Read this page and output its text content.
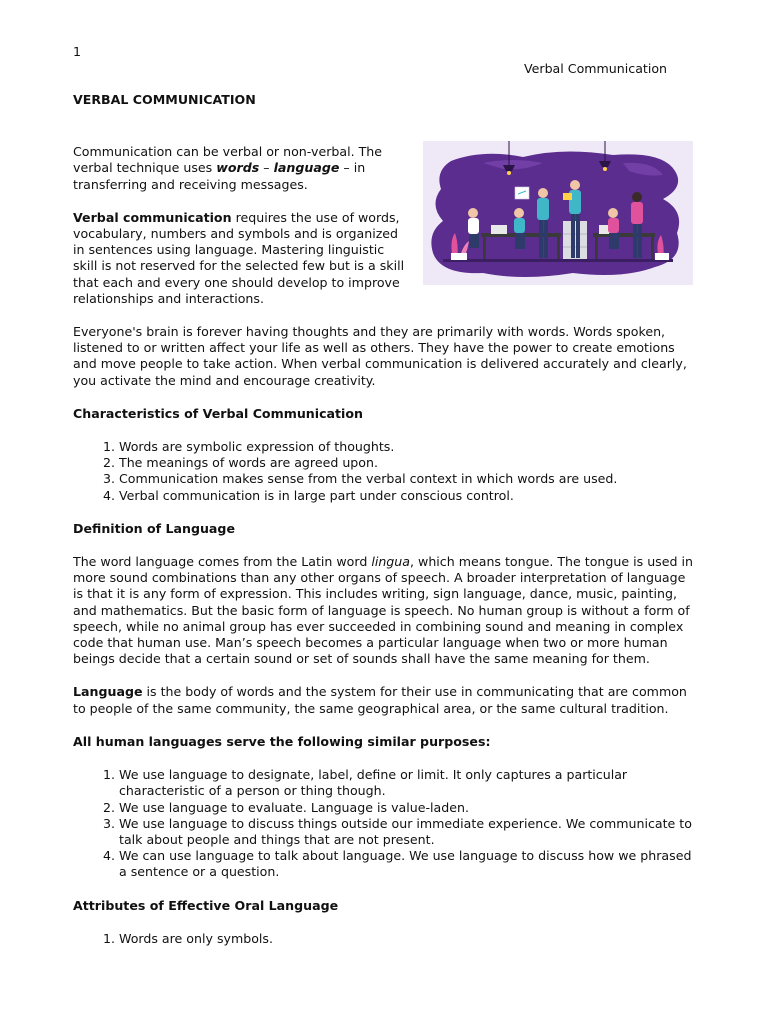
1
Verbal Communication
VERBAL COMMUNICATION

Communication can be verbal or non-verbal. The verbal technique uses words – language – in transferring and receiving messages.

Verbal communication requires the use of words, vocabulary, numbers and symbols and is organized in sentences using language. Mastering linguistic skill is not reserved for the selected few but is a skill that each and every one should develop to improve relationships and interactions.

Everyone's brain is forever having thoughts and they are primarily with words. Words spoken, listened to or written affect your life as well as others. They have the power to create emotions and move people to take action. When verbal communication is delivered accurately and clearly, you activate the mind and encourage creativity.

Characteristics of Verbal Communication
1. Words are symbolic expression of thoughts.
2. The meanings of words are agreed upon.
3. Communication makes sense from the verbal context in which words are used.
4. Verbal communication is in large part under conscious control.
Definition of Language

The word language comes from the Latin word lingua, which means tongue. The tongue is used in more sound combinations than any other organs of speech. A broader interpretation of language is that it is any form of expression. This includes writing, sign language, dance, music, painting, and mathematics. But the basic form of language is speech. No human group is without a form of speech, while no animal group has ever succeeded in combining sound and meaning in complex code that human use. Man’s speech becomes a particular language when two or more human beings decide that a certain sound or set of sounds shall have the same meaning for them.

Language is the body of words and the system for their use in communicating that are common to people of the same community, the same geographical area, or the same cultural tradition.

All human languages serve the following similar purposes:
1. We use language to designate, label, define or limit. It only captures a particular characteristic of a person or thing though.
2. We use language to evaluate. Language is value-laden.
3. We use language to discuss things outside our immediate experience. We communicate to talk about people and things that are not present.
4. We can use language to talk about language. We use language to discuss how we phrased a sentence or a question.
Attributes of Effective Oral Language
1. Words are only symbols.
